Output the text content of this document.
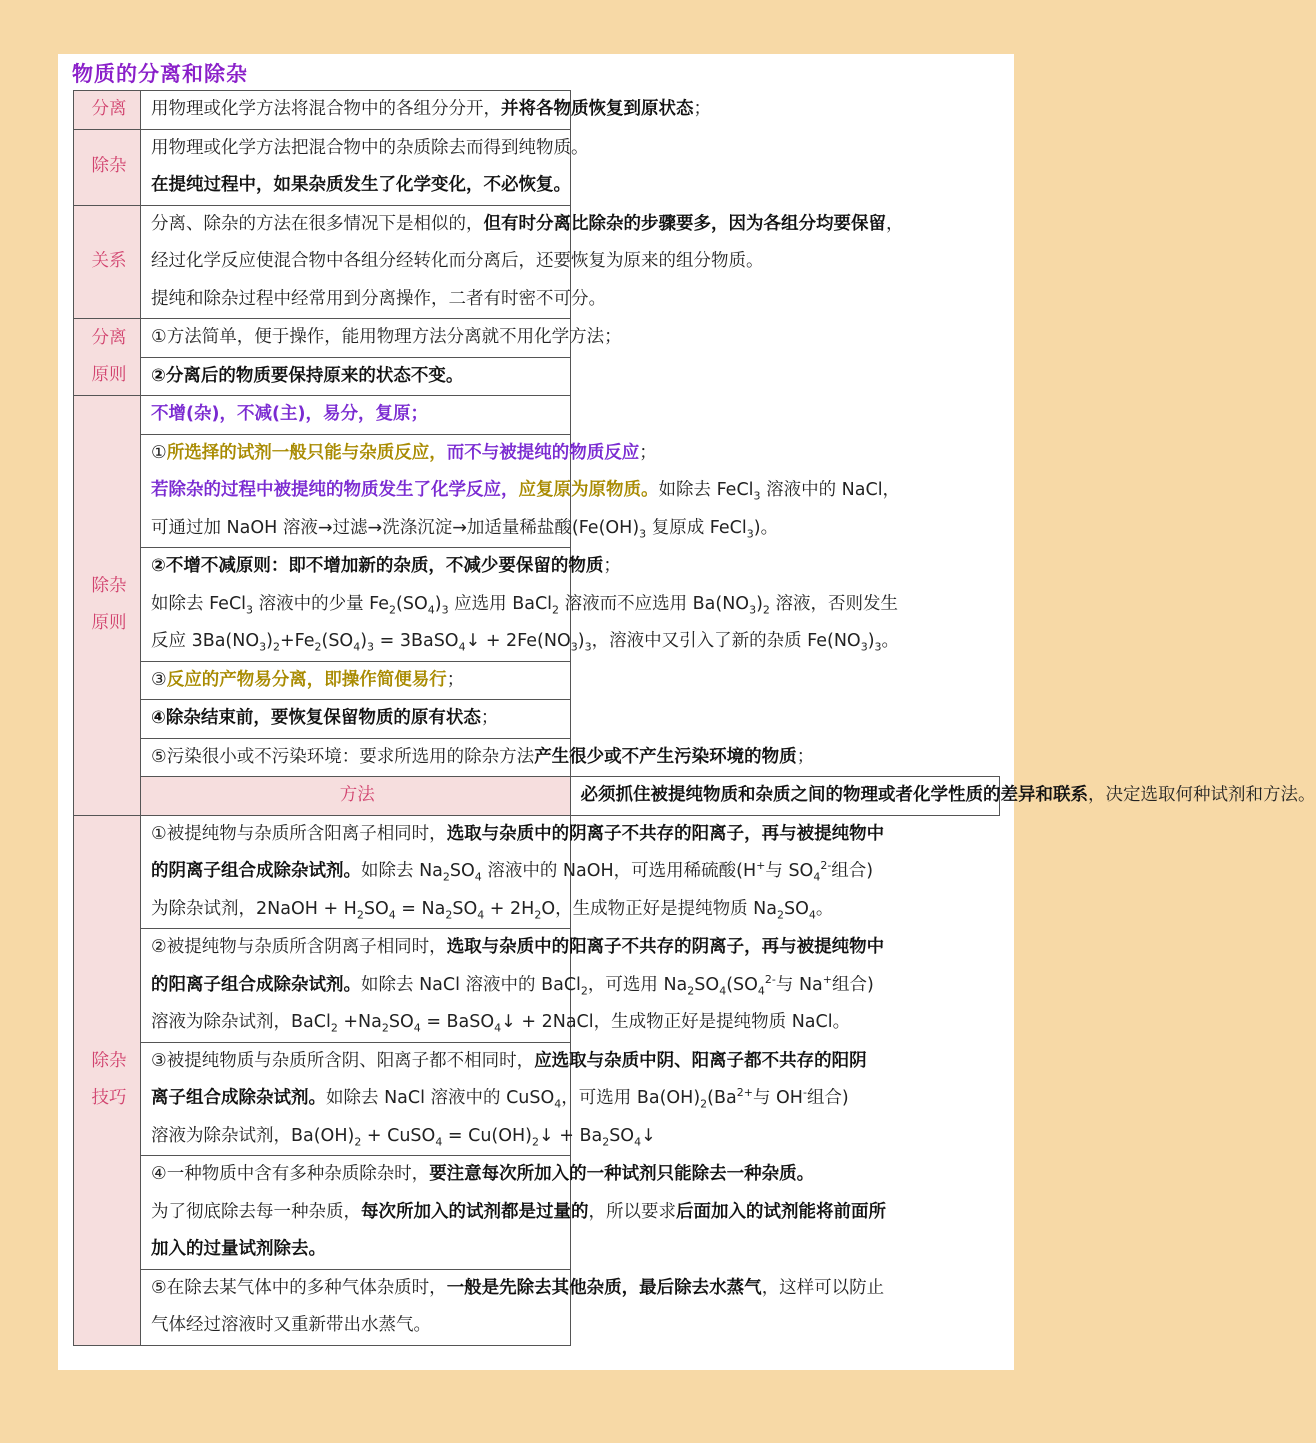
物质的分离和除杂
分离	用物理或化学方法将混合物中的各组分分开，并将各物质恢复到原状态；	

除杂	用物理或化学方法把混合物中的杂质除去而得到纯物质。
在提纯过程中，如果杂质发生了化学变化，不必恢复。	

关系	分离、除杂的方法在很多情况下是相似的，但有时分离比除杂的步骤要多，因为各组分均要保留，
经过化学反应使混合物中各组分经转化而分离后，还要恢复为原来的组分物质。
提纯和除杂过程中经常用到分离操作，二者有时密不可分。	

分离
原则	①方法简单，便于操作，能用物理方法分离就不用化学方法；	

	②分离后的物质要保持原来的状态不变。	

除杂
原则	不增(杂)，不减(主)，易分，复原；	

	①所选择的试剂一般只能与杂质反应，而不与被提纯的物质反应；
若除杂的过程中被提纯的物质发生了化学反应，应复原为原物质。如除去 FeCl$_3$ 溶液中的 NaCl，
可通过加 NaOH 溶液→过滤→洗涤沉淀→加适量稀盐酸($Fe(OH)_3$ 复原成 FeCl$_3$)。	

	②不增不减原则：即不增加新的杂质，不减少要保留的物质；
如除去 FeCl$_3$ 溶液中的少量 $Fe_2(SO_4)_3$ 应选用 BaCl$_2$ 溶液而不应选用 $Ba(NO_3)_2$ 溶液，否则发生
反应 $3Ba(NO_3)_2+Fe_2(SO_4)_3$ = 3BaSO$_4$↓ + $2Fe(NO_3)_3$，溶液中又引入了新的杂质 $Fe(NO_3)_3$。	

	③反应的产物易分离，即操作简便易行；	

	④除杂结束前，要恢复保留物质的原有状态；	

	⑤污染很小或不污染环境：要求所选用的除杂方法产生很少或不产生污染环境的物质；	

	方法	必须抓住被提纯物质和杂质之间的物理或者化学性质的差异和联系，决定选取何种试剂和方法。

除杂
技巧	①被提纯物与杂质所含阳离子相同时，选取与杂质中的阴离子不共存的阳离子，再与被提纯物中
的阴离子组合成除杂试剂。如除去 $Na_2SO_4$ 溶液中的 NaOH，可选用稀硫酸(H+与 $SO_4^{2-}$组合)
为除杂试剂，2NaOH + $H_2SO_4 = Na_2SO_4 + 2H_2O$，生成物正好是提纯物质 $Na_2SO_4$。	

	②被提纯物与杂质所含阴离子相同时，选取与杂质中的阳离子不共存的阴离子，再与被提纯物中
的阳离子组合成除杂试剂。如除去 NaCl 溶液中的 BaCl$_2$，可选用 $Na_2SO_4(SO_4^{2-}$与 Na+组合)
溶液为除杂试剂，BaCl$_2$ $+Na_2SO_4$ = BaSO$_4$↓ + 2NaCl，生成物正好是提纯物质 NaCl。	

	③被提纯物质与杂质所含阴、阳离子都不相同时，应选取与杂质中阴、阳离子都不共存的阳阴
离子组合成除杂试剂。如除去 NaCl 溶液中的 CuSO$_4$，可选用 $Ba(OH)_2(Ba^{2+}$与 OH-组合)
溶液为除杂试剂，$Ba(OH)_2$ + CuSO$_4$ = $Cu(OH)_2↓$ + $Ba_2SO_4↓$	

	④一种物质中含有多种杂质除杂时，要注意每次所加入的一种试剂只能除去一种杂质。
为了彻底除去每一种杂质，每次所加入的试剂都是过量的，所以要求后面加入的试剂能将前面所
加入的过量试剂除去。	

	⑤在除去某气体中的多种气体杂质时，一般是先除去其他杂质，最后除去水蒸气，这样可以防止
气体经过溶液时又重新带出水蒸气。	
